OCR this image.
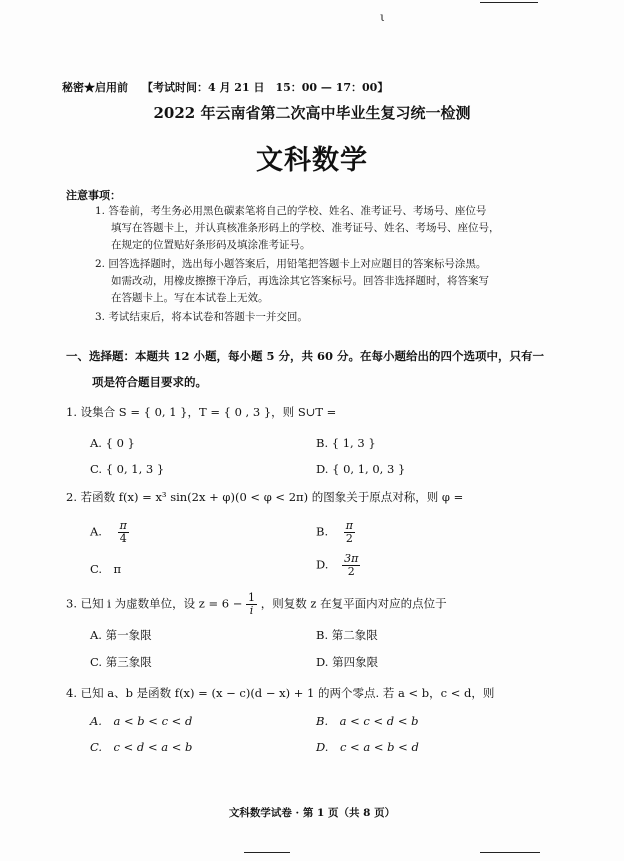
ι
秘密★启用前 【考试时间：4 月 21 日　15：00 — 17：00】
2022 年云南省第二次高中毕业生复习统一检测
文科数学
注意事项：
1. 答卷前，考生务必用黑色碳素笔将自己的学校、姓名、准考证号、考场号、座位号
填写在答题卡上，并认真核准条形码上的学校、准考证号、姓名、考场号、座位号，
在规定的位置贴好条形码及填涂准考证号。
2. 回答选择题时，选出每小题答案后，用铅笔把答题卡上对应题目的答案标号涂黑。
如需改动，用橡皮擦擦干净后，再选涂其它答案标号。回答非选择题时，将答案写
在答题卡上。写在本试卷上无效。
3. 考试结束后，将本试卷和答题卡一并交回。
一、选择题：本题共 12 小题，每小题 5 分，共 60 分。在每小题给出的四个选项中，只有一
项是符合题目要求的。
1. 设集合 S = { 0, 1 }，T = { 0 , 3 }，则 S∪T =
A. { 0 }	B. { 1, 3 }
C. { 0, 1, 3 }	D. { 0, 1, 0, 3 }
2. 若函数 f(x) = x³ sin(2x + φ)(0 < φ < 2π) 的图象关于原点对称，则 φ =
A. $\frac{\pi}{4}$	B. $\frac{\pi}{2}$
C.　π	D. $\frac{3\pi}{2}$
3. 已知 i 为虚数单位，设 $z = 6 - \frac{1}{i}$ ，则复数 z 在复平面内对应的点位于
A. 第一象限	B. 第二象限
C. 第三象限	D. 第四象限
4. 已知 a、b 是函数 f(x) = (x − c)(d − x) + 1 的两个零点. 若 a < b，c < d，则
A.　a < b < c < d	B.　a < c < d < b
C.　c < d < a < b	D.　c < a < b < d
文科数学试卷 · 第 1 页（共 8 页）
